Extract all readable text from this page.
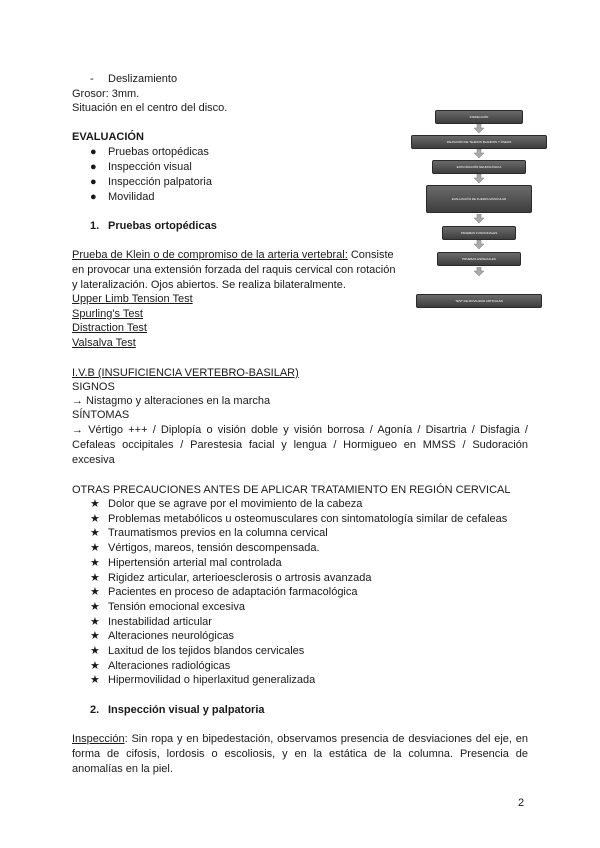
- Deslizamiento
Grosor: 3mm.
Situación en el centro del disco.
EVALUACIÓN
● Pruebas ortopédicas
● Inspección visual
● Inspección palpatoria
● Movilidad
1. Pruebas ortopédicas
Prueba de Klein o de compromiso de la arteria vertebral: Consiste
en provocar una extensión forzada del raquis cervical con rotación
y lateralización. Ojos abiertos. Se realiza bilateralmente.
Upper Limb Tension Test
Spurling's Test
Distraction Test
Valsalva Test
I.V.B (INSUFICIENCIA VERTEBRO-BASILAR)
SIGNOS
→ Nistagmo y alteraciones en la marcha
SÍNTOMAS
→ Vértigo +++ / Diplopía o visión doble y visión borrosa / Agonía / Disartria / Disfagia / Cefaleas occipitales / Parestesia facial y lengua / Hormigueo en MMSS / Sudoración excesiva
OTRAS PRECAUCIONES ANTES DE APLICAR TRATAMIENTO EN REGIÓN CERVICAL
★ Dolor que se agrave por el movimiento de la cabeza
★ Problemas metabólicos u osteomusculares con sintomatología similar de cefaleas
★ Traumatismos previos en la columna cervical
★ Vértigos, mareos, tensión descompensada.
★ Hipertensión arterial mal controlada
★ Rigidez articular, arterioesclerosis o artrosis avanzada
★ Pacientes en proceso de adaptación farmacológica
★ Tensión emocional excesiva
★ Inestabilidad articular
★ Alteraciones neurológicas
★ Laxitud de los tejidos blandos cervicales
★ Alteraciones radiológicas
★ Hipermovilidad o hiperlaxitud generalizada
2. Inspección visual y palpatoria
Inspección: Sin ropa y en bipedestación, observamos presencia de desviaciones del eje, en forma de cifosis, lordosis o escoliosis, y en la estática de la columna. Presencia de anomalías en la piel.
2
INSPECCIÓN
PALPACIÓN DE TEJIDOS BLANDOS Y ÓSEOS
EXPLORACIÓN NEUROLÓGICA
EVALUACIÓN DE FUERZA MUSCULAR
PRUEBAS FUNCIONALES
PRUEBAS ESPECIALES
TEST DE MOVILIDAD ARTICULAR
